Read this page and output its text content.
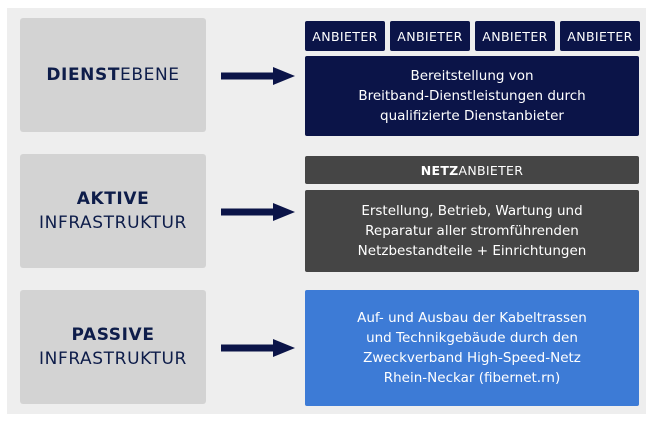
DIENSTEBENE
ANBIETER	ANBIETER	ANBIETER	ANBIETER
Bereitstellung von
Breitband-Dienstleistungen durch
qualifizierte Dienstanbieter
AKTIVE
INFRASTRUKTUR
NETZ ANBIETER
Erstellung, Betrieb, Wartung und
Reparatur aller stromführenden
Netzbestandteile + Einrichtungen
PASSIVE
INFRASTRUKTUR
Auf- und Ausbau der Kabeltrassen
und Technikgebäude durch den
Zweckverband High-Speed-Netz
Rhein-Neckar (fibernet.rn)
